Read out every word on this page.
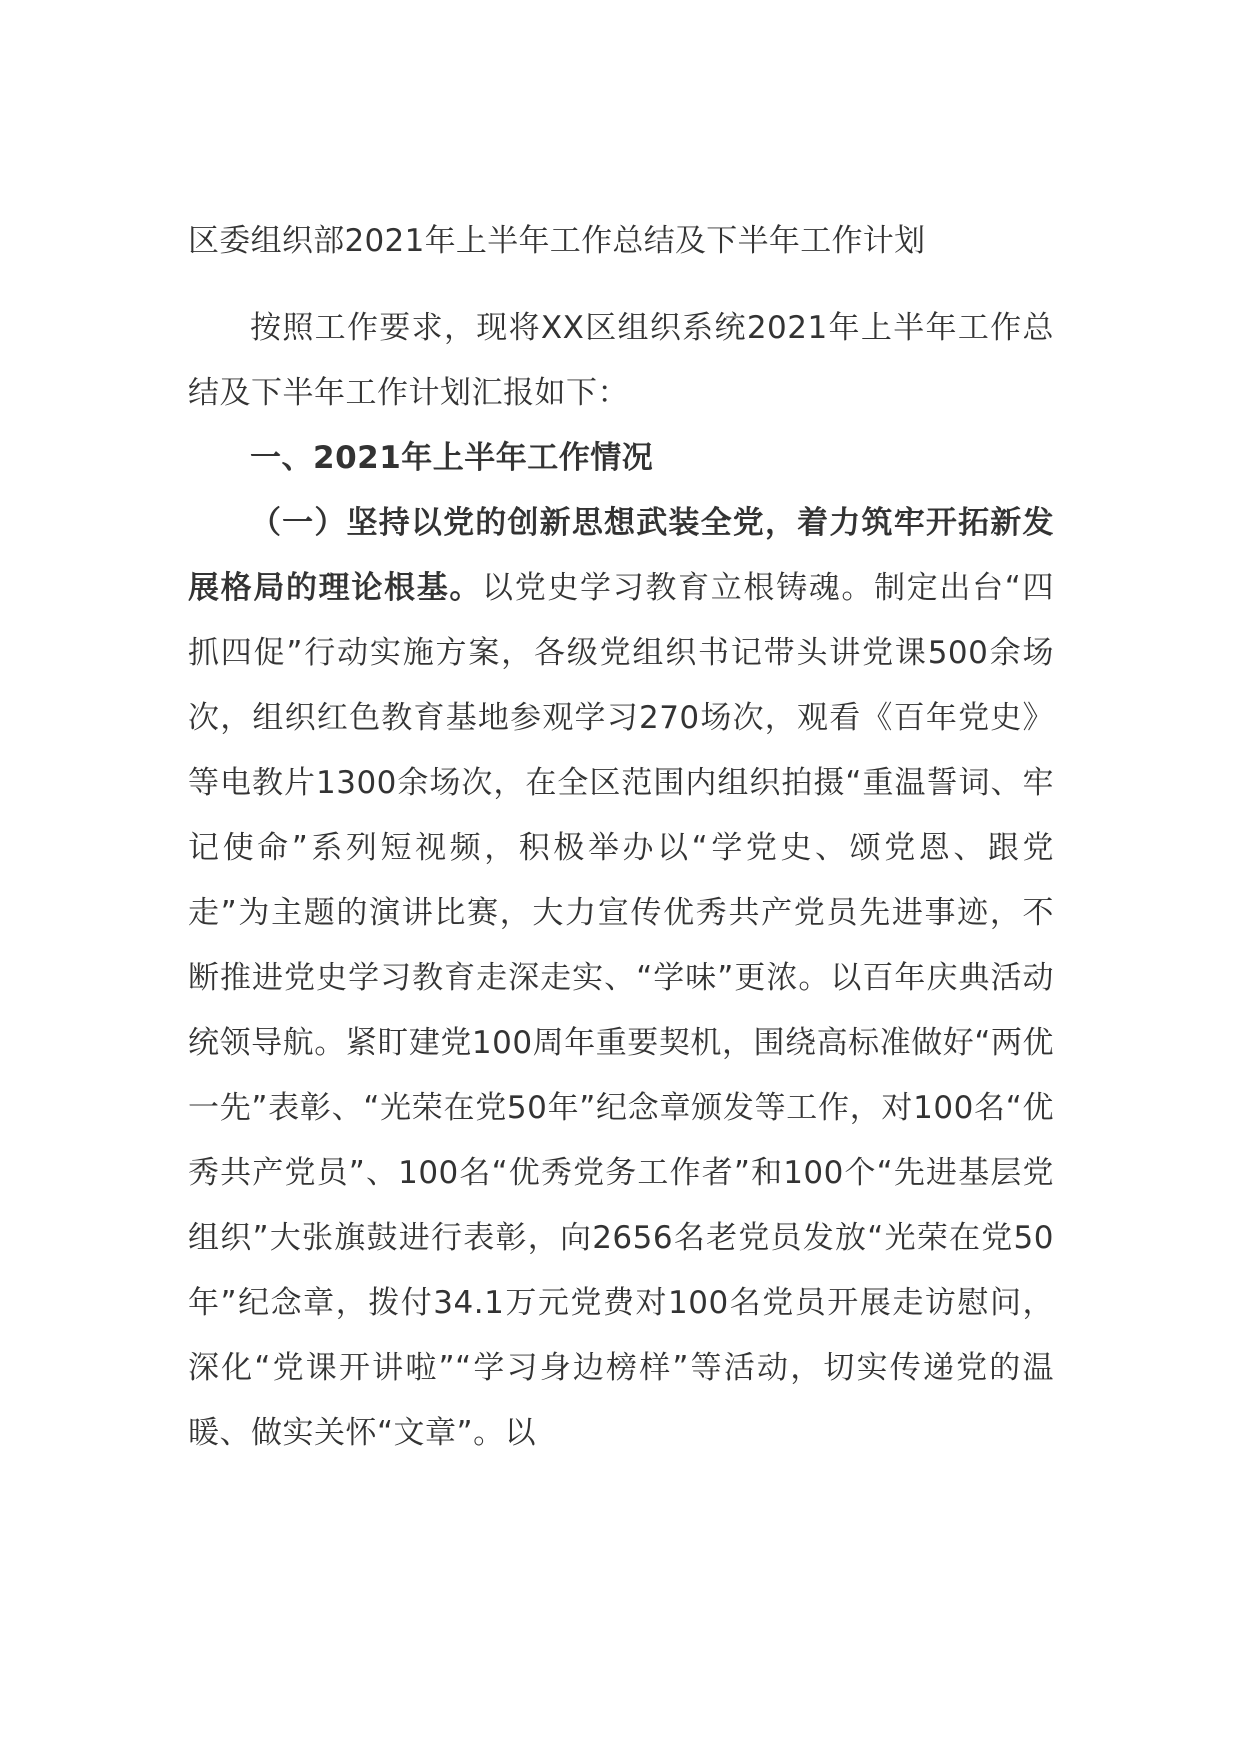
区委组织部2021年上半年工作总结及下半年工作计划

按照工作要求，现将XX区组织系统2021年上半年工作总结及下半年工作计划汇报如下：

一、2021年上半年工作情况

（一）坚持以党的创新思想武装全党，着力筑牢开拓新发展格局的理论根基。以党史学习教育立根铸魂。制定出台“四抓四促”行动实施方案，各级党组织书记带头讲党课500余场次，组织红色教育基地参观学习270场次，观看《百年党史》等电教片1300余场次，在全区范围内组织拍摄“重温誓词、牢记使命”系列短视频，积极举办以“学党史、颂党恩、跟党走”为主题的演讲比赛，大力宣传优秀共产党员先进事迹，不断推进党史学习教育走深走实、“学味”更浓。以百年庆典活动统领导航。紧盯建党100周年重要契机，围绕高标准做好“两优一先”表彰、“光荣在党50年”纪念章颁发等工作，对100名“优秀共产党员”、100名“优秀党务工作者”和100个“先进基层党组织”大张旗鼓进行表彰，向2656名老党员发放“光荣在党50年”纪念章，拨付34.1万元党费对100名党员开展走访慰问，深化“党课开讲啦”“学习身边榜样”等活动，切实传递党的温暖、做实关怀“文章”。以
